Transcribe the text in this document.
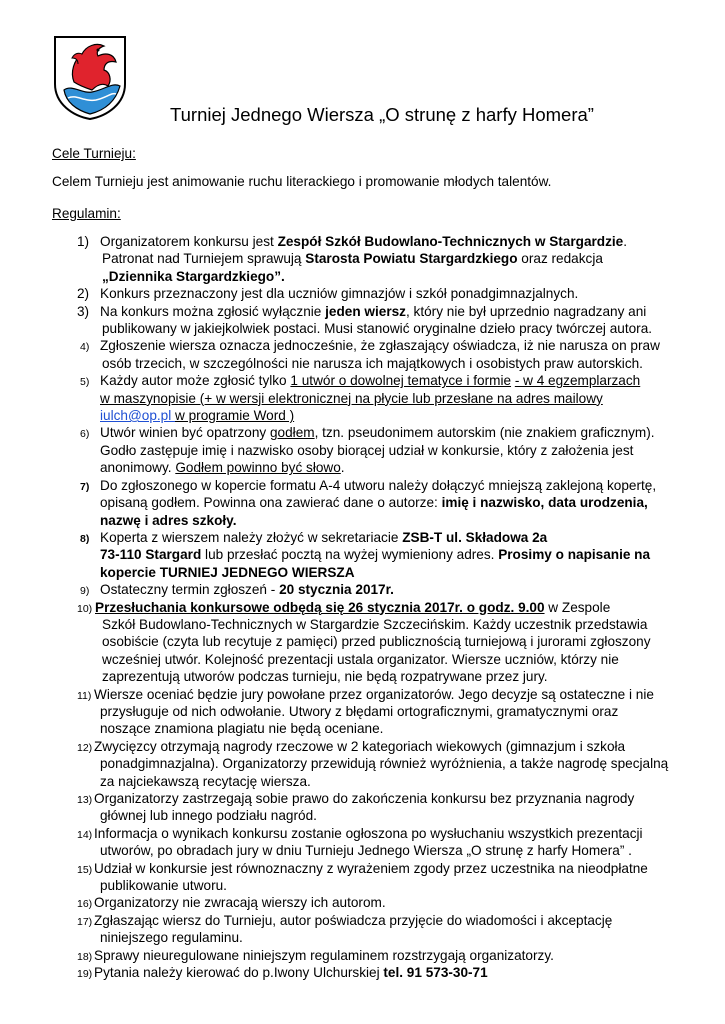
Turniej Jednego Wiersza „O strunę z harfy Homera”
Cele Turnieju:
Celem Turnieju jest animowanie ruchu literackiego i promowanie młodych talentów.
Regulamin:
1) Organizatorem konkursu jest Zespół Szkół Budowlano-Technicznych w Stargardzie.
Patronat nad Turniejem sprawują Starosta Powiatu Stargardzkiego oraz redakcja
„Dziennika Stargardzkiego”.
2) Konkurs przeznaczony jest dla uczniów gimnazjów i szkół ponadgimnazjalnych.
3) Na konkurs można zgłosić wyłącznie jeden wiersz, który nie był uprzednio nagradzany ani
publikowany w jakiejkolwiek postaci. Musi stanowić oryginalne dzieło pracy twórczej autora.
4) Zgłoszenie wiersza oznacza jednocześnie, że zgłaszający oświadcza, iż nie narusza on praw
osób trzecich, w szczególności nie narusza ich majątkowych i osobistych praw autorskich.
5) Każdy autor może zgłosić tylko 1 utwór o dowolnej tematyce i formie - w 4 egzemplarzach
w maszynopisie (+ w wersji elektronicznej na płycie lub przesłane na adres mailowy
iulch@op.pl w programie Word )
6) Utwór winien być opatrzony godłem, tzn. pseudonimem autorskim (nie znakiem graficznym).
Godło zastępuje imię i nazwisko osoby biorącej udział w konkursie, który z założenia jest
anonimowy. Godłem powinno być słowo.
7) Do zgłoszonego w kopercie formatu A-4 utworu należy dołączyć mniejszą zaklejoną kopertę,
opisaną godłem. Powinna ona zawierać dane o autorze: imię i nazwisko, data urodzenia,
nazwę i adres szkoły.
8) Koperta z wierszem należy złożyć w sekretariacie ZSB-T ul. Składowa 2a
73-110 Stargard lub przesłać pocztą na wyżej wymieniony adres. Prosimy o napisanie na
kopercie TURNIEJ JEDNEGO WIERSZA
9) Ostateczny termin zgłoszeń - 20 stycznia 2017r.
10) Przesłuchania konkursowe odbędą się 26 stycznia 2017r. o godz. 9.00 w Zespole
Szkół Budowlano-Technicznych w Stargardzie Szczecińskim. Każdy uczestnik przedstawia
osobiście (czyta lub recytuje z pamięci) przed publicznością turniejową i jurorami zgłoszony
wcześniej utwór. Kolejność prezentacji ustala organizator. Wiersze uczniów, którzy nie
zaprezentują utworów podczas turnieju, nie będą rozpatrywane przez jury.
11) Wiersze oceniać będzie jury powołane przez organizatorów. Jego decyzje są ostateczne i nie
przysługuje od nich odwołanie. Utwory z błędami ortograficznymi, gramatycznymi oraz
noszące znamiona plagiatu nie będą oceniane.
12) Zwycięzcy otrzymają nagrody rzeczowe w 2 kategoriach wiekowych (gimnazjum i szkoła
ponadgimnazjalna). Organizatorzy przewidują również wyróżnienia, a także nagrodę specjalną
za najciekawszą recytację wiersza.
13) Organizatorzy zastrzegają sobie prawo do zakończenia konkursu bez przyznania nagrody
głównej lub innego podziału nagród.
14) Informacja o wynikach konkursu zostanie ogłoszona po wysłuchaniu wszystkich prezentacji
utworów, po obradach jury w dniu Turnieju Jednego Wiersza „O strunę z harfy Homera” .
15) Udział w konkursie jest równoznaczny z wyrażeniem zgody przez uczestnika na nieodpłatne
publikowanie utworu.
16) Organizatorzy nie zwracają wierszy ich autorom.
17) Zgłaszając wiersz do Turnieju, autor poświadcza przyjęcie do wiadomości i akceptację
niniejszego regulaminu.
18) Sprawy nieuregulowane niniejszym regulaminem rozstrzygają organizatorzy.
19) Pytania należy kierować do p.Iwony Ulchurskiej tel. 91 573-30-71
